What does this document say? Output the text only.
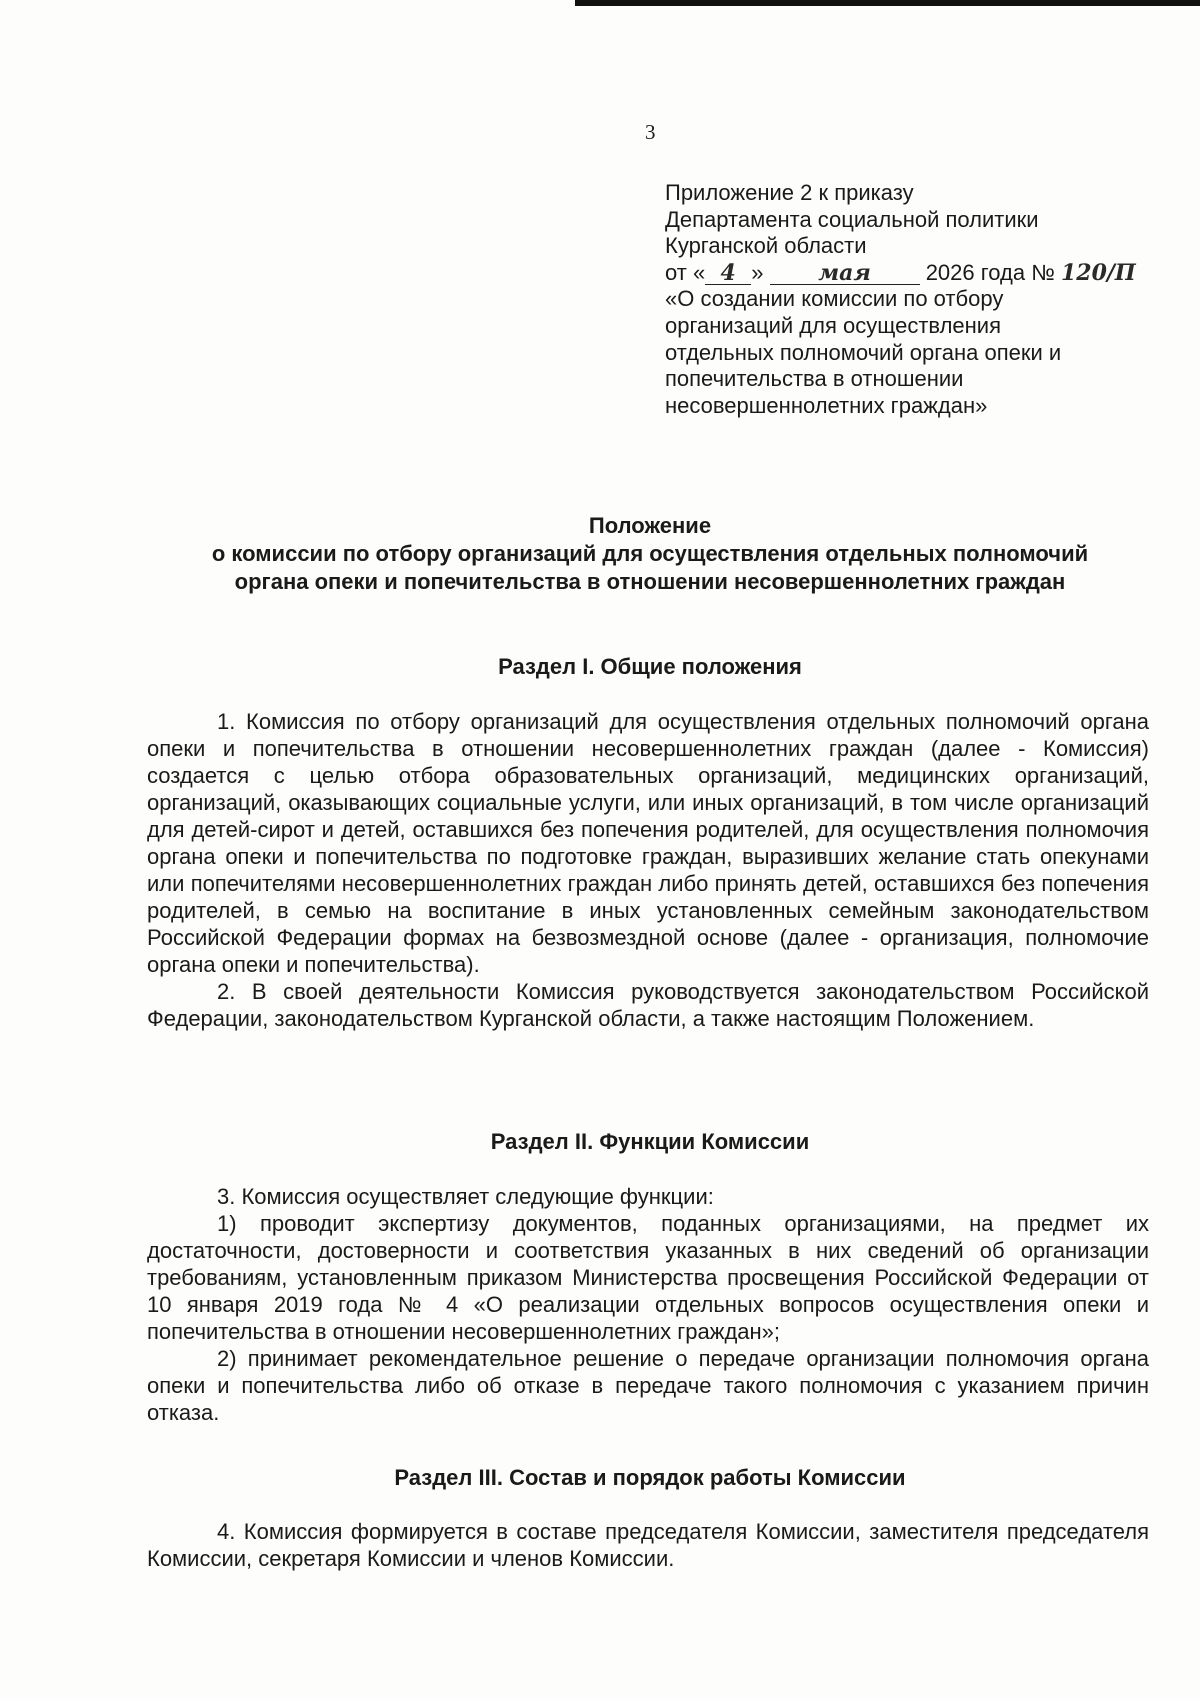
3
Приложение 2 к приказу
Департамента социальной политики
Курганской области
от « 4 » мая 2026 года № 120/П
«О создании комиссии по отбору
организаций для осуществления
отдельных полномочий органа опеки и
попечительства в отношении
несовершеннолетних граждан»
Положение
о комиссии по отбору организаций для осуществления отдельных полномочий
органа опеки и попечительства в отношении несовершеннолетних граждан
Раздел I. Общие положения

1. Комиссия по отбору организаций для осуществления отдельных полномочий органа опеки и попечительства в отношении несовершеннолетних граждан (далее - Комиссия) создается с целью отбора образовательных организаций, медицинских организаций, организаций, оказывающих социальные услуги, или иных организаций, в том числе организаций для детей-сирот и детей, оставшихся без попечения родителей, для осуществления полномочия органа опеки и попечительства по подготовке граждан, выразивших желание стать опекунами или попечителями несовершеннолетних граждан либо принять детей, оставшихся без попечения родителей, в семью на воспитание в иных установленных семейным законодательством Российской Федерации формах на безвозмездной основе (далее - организация, полномочие органа опеки и попечительства).

2. В своей деятельности Комиссия руководствуется законодательством Российской Федерации, законодательством Курганской области, а также настоящим Положением.

Раздел II. Функции Комиссии

3. Комиссия осуществляет следующие функции:

1) проводит экспертизу документов, поданных организациями, на предмет их достаточности, достоверности и соответствия указанных в них сведений об организации требованиям, установленным приказом Министерства просвещения Российской Федерации от 10 января 2019 года № 4 «О реализации отдельных вопросов осуществления опеки и попечительства в отношении несовершеннолетних граждан»;

2) принимает рекомендательное решение о передаче организации полномочия органа опеки и попечительства либо об отказе в передаче такого полномочия с указанием причин отказа.

Раздел III. Состав и порядок работы Комиссии

4. Комиссия формируется в составе председателя Комиссии, заместителя председателя Комиссии, секретаря Комиссии и членов Комиссии.
